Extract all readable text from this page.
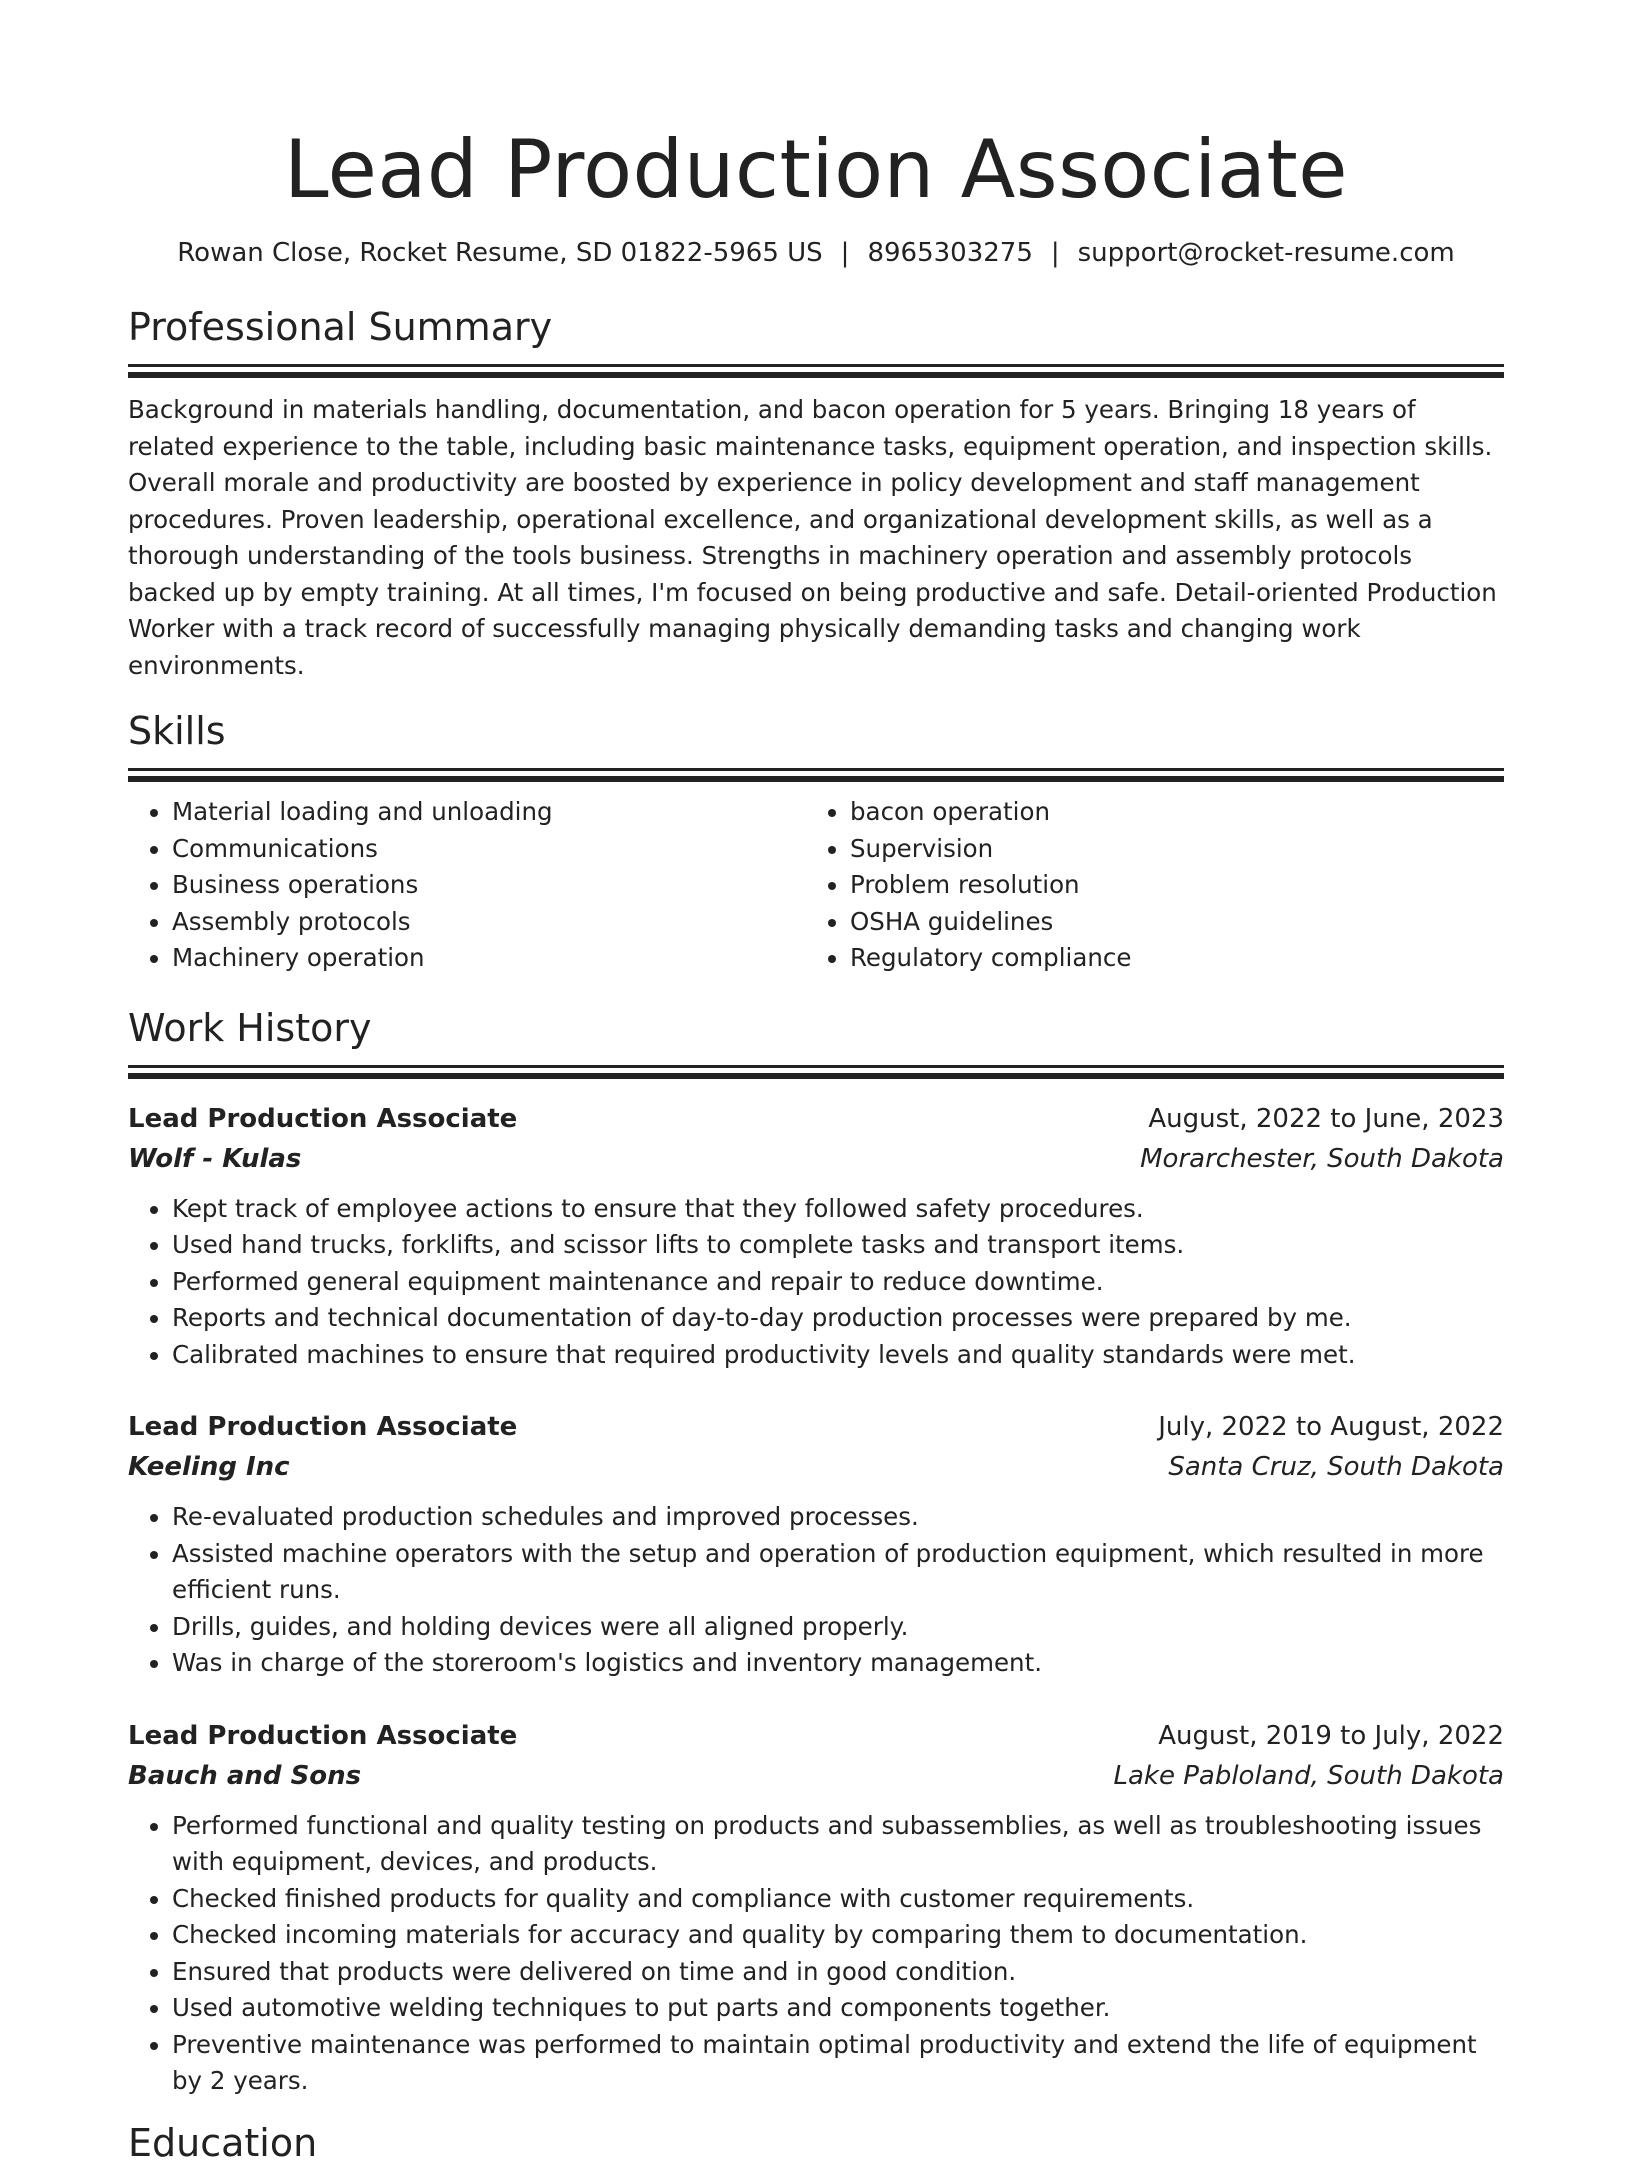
Lead Production Associate
Rowan Close, Rocket Resume, SD 01822-5965 US | 8965303275 | support@rocket-resume.com
Professional Summary

Background in materials handling, documentation, and bacon operation for 5 years. Bringing 18 years of related experience to the table, including basic maintenance tasks, equipment operation, and inspection skills. Overall morale and productivity are boosted by experience in policy development and staff management procedures. Proven leadership, operational excellence, and organizational development skills, as well as a thorough understanding of the tools business. Strengths in machinery operation and assembly protocols backed up by empty training. At all times, I'm focused on being productive and safe. Detail-oriented Production Worker with a track record of successfully managing physically demanding tasks and changing work environments.

Skills
• Material loading and unloading
• Communications
• Business operations
• Assembly protocols
• Machinery operation
• bacon operation
• Supervision
• Problem resolution
• OSHA guidelines
• Regulatory compliance
Work History
Lead Production Associate	August, 2022 to June, 2023
Wolf - Kulas	Morarchester, South Dakota
• Kept track of employee actions to ensure that they followed safety procedures.
• Used hand trucks, forklifts, and scissor lifts to complete tasks and transport items.
• Performed general equipment maintenance and repair to reduce downtime.
• Reports and technical documentation of day-to-day production processes were prepared by me.
• Calibrated machines to ensure that required productivity levels and quality standards were met.
Lead Production Associate	July, 2022 to August, 2022
Keeling Inc	Santa Cruz, South Dakota
• Re-evaluated production schedules and improved processes.
• Assisted machine operators with the setup and operation of production equipment, which resulted in more efficient runs.
• Drills, guides, and holding devices were all aligned properly.
• Was in charge of the storeroom's logistics and inventory management.
Lead Production Associate	August, 2019 to July, 2022
Bauch and Sons	Lake Pabloland, South Dakota
• Performed functional and quality testing on products and subassemblies, as well as troubleshooting issues with equipment, devices, and products.
• Checked finished products for quality and compliance with customer requirements.
• Checked incoming materials for accuracy and quality by comparing them to documentation.
• Ensured that products were delivered on time and in good condition.
• Used automotive welding techniques to put parts and components together.
• Preventive maintenance was performed to maintain optimal productivity and extend the life of equipment by 2 years.
Education
